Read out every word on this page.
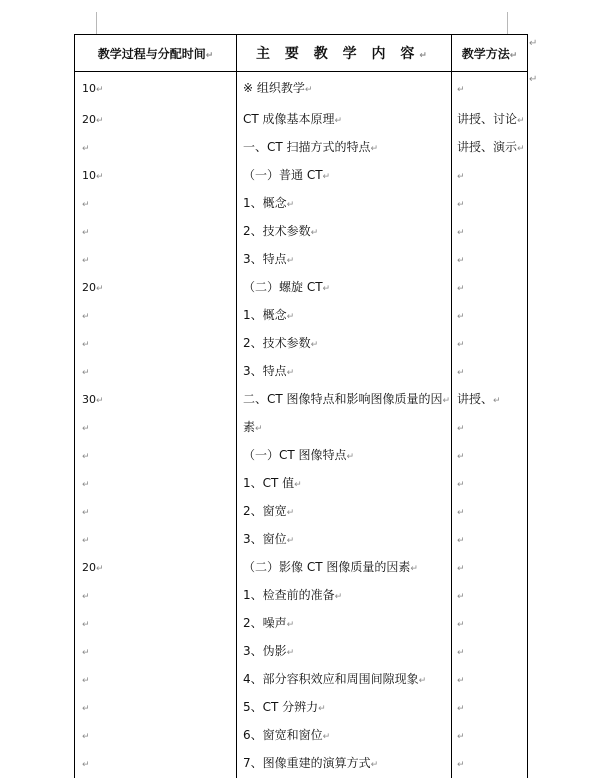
↵
↵
教学过程与分配时间↵	主 要 教 学 内 容↵	教学方法↵
10↵	※ 组织教学↵	↵
20↵	CT 成像基本原理↵	讲授、讨论↵
↵	一、CT 扫描方式的特点↵	讲授、演示↵
10↵	（一）普通 CT↵	↵
↵	1、概念↵	↵
↵	2、技术参数↵	↵
↵	3、特点↵	↵
20↵	（二）螺旋 CT↵	↵
↵	1、概念↵	↵
↵	2、技术参数↵	↵
↵	3、特点↵	↵
30↵	二、CT 图像特点和影响图像质量的因↵	讲授、↵
↵	素↵	↵
↵	（一）CT 图像特点↵	↵
↵	1、CT 值↵	↵
↵	2、窗宽↵	↵
↵	3、窗位↵	↵
20↵	（二）影像 CT 图像质量的因素↵	↵
↵	1、检查前的准备↵	↵
↵	2、噪声↵	↵
↵	3、伪影↵	↵
↵	4、部分容积效应和周围间隙现象↵	↵
↵	5、CT 分辨力↵	↵
↵	6、窗宽和窗位↵	↵
↵	7、图像重建的演算方式↵	↵
